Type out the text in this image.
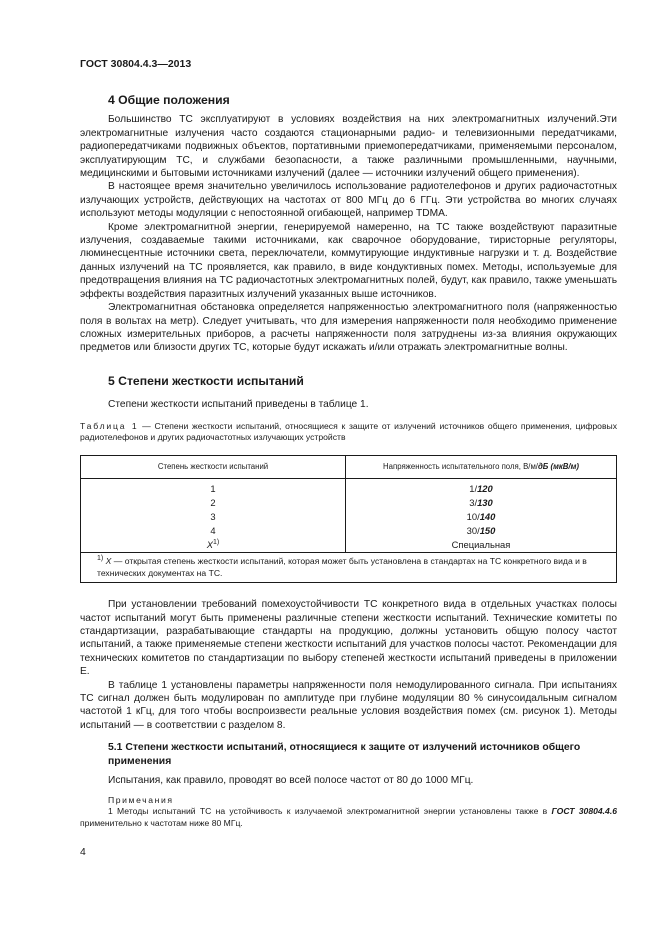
ГОСТ 30804.4.3—2013
4 Общие положения

Большинство ТС эксплуатируют в условиях воздействия на них электромагнитных излучений.Эти электромагнитные излучения часто создаются стационарными радио- и телевизионными передатчиками, радиопередатчиками подвижных объектов, портативными приемопередатчиками, применяемыми персоналом, эксплуатирующим ТС, и службами безопасности, а также различными промышленными, научными, медицинскими и бытовыми источниками излучений (далее — источники излучений общего применения).

В настоящее время значительно увеличилось использование радиотелефонов и других радиочастотных излучающих устройств, действующих на частотах от 800 МГц до 6 ГГц. Эти устройства во многих случаях используют методы модуляции с непостоянной огибающей, например TDMA.

Кроме электромагнитной энергии, генерируемой намеренно, на ТС также воздействуют паразитные излучения, создаваемые такими источниками, как сварочное оборудование, тиристорные регуляторы, люминесцентные источники света, переключатели, коммутирующие индуктивные нагрузки и т. д. Воздействие данных излучений на ТС проявляется, как правило, в виде кондуктивных помех. Методы, используемые для предотвращения влияния на ТС радиочастотных электромагнитных полей, будут, как правило, также уменьшать эффекты воздействия паразитных излучений указанных выше источников.

Электромагнитная обстановка определяется напряженностью электромагнитного поля (напряженностью поля в вольтах на метр). Следует учитывать, что для измерения напряженности поля необходимо применение сложных измерительных приборов, а расчеты напряженности поля затруднены из-за влияния окружающих предметов или близости других ТС, которые будут искажать и/или отражать электромагнитные волны.

5 Степени жесткости испытаний

Степени жесткости испытаний приведены в таблице 1.

Таблица 1 — Степени жесткости испытаний, относящиеся к защите от излучений источников общего применения, цифровых радиотелефонов и других радиочастотных излучающих устройств
Степень жесткости испытаний	Напряженность испытательного поля, В/м/дБ (мкВ/м)
1	1/120
2	3/130
3	10/140
4	30/150
$X^{1)}$	Специальная
$^{1)}$ X — открытая степень жесткости испытаний, которая может быть установлена в стандартах на ТС конкретного вида и в технических документах на ТС.	

При установлении требований помехоустойчивости ТС конкретного вида в отдельных участках полосы частот испытаний могут быть применены различные степени жесткости испытаний. Технические комитеты по стандартизации, разрабатывающие стандарты на продукцию, должны установить общую полосу частот испытаний, а также применяемые степени жесткости испытаний для участков полосы частот. Рекомендации для технических комитетов по стандартизации по выбору степеней жесткости испытаний приведены в приложении Е.

В таблице 1 установлены параметры напряженности поля немодулированного сигнала. При испытаниях ТС сигнал должен быть модулирован по амплитуде при глубине модуляции 80 % синусоидальным сигналом частотой 1 кГц, для того чтобы воспроизвести реальные условия воздействия помех (см. рисунок 1). Методы испытаний — в соответствии с разделом 8.

5.1 Степени жесткости испытаний, относящиеся к защите от излучений источников общего применения

Испытания, как правило, проводят во всей полосе частот от 80 до 1000 МГц.

Примечания

1 Методы испытаний ТС на устойчивость к излучаемой электромагнитной энергии установлены также в ГОСТ 30804.4.6 применительно к частотам ниже 80 МГц.

4
